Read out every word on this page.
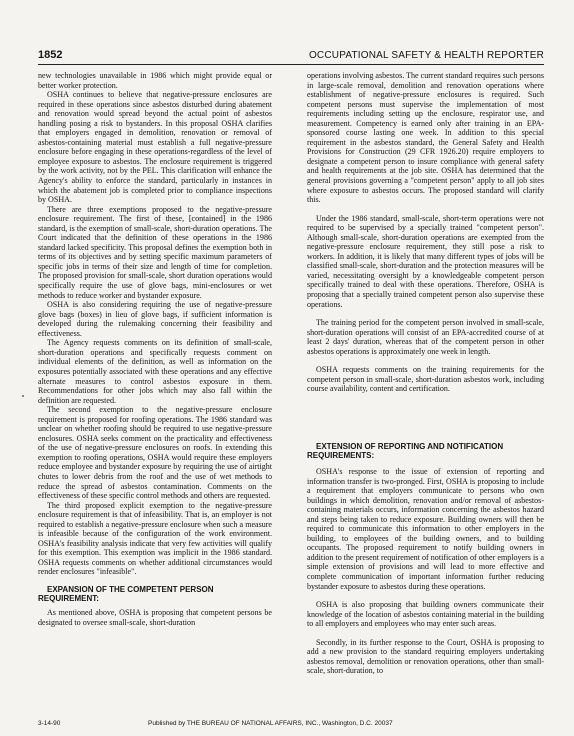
1852	OCCUPATIONAL SAFETY & HEALTH REPORTER

new technologies unavailable in 1986 which might provide equal or better worker protection.

OSHA continues to believe that negative-pressure enclosures are required in these operations since asbestos disturbed during abatement and renovation would spread beyond the actual point of asbestos handling posing a risk to bystanders. In this proposal OSHA clarifies that employers engaged in demolition, renovation or removal of asbestos-containing material must establish a full negative-pressure enclosure before engaging in these operations-regardless of the level of employee exposure to asbestos. The enclosure requirement is triggered by the work activity, not by the PEL. This clarification will enhance the Agency's ability to enforce the standard, particularly in instances in which the abatement job is completed prior to compliance inspections by OSHA.

There are three exemptions proposed to the negative-pressure enclosure requirement. The first of these, [contained] in the 1986 standard, is the exemption of small-scale, short-duration operations. The Court indicated that the definition of these operations in the 1986 standard lacked specificity. This proposal defines the exemption both in terms of its objectives and by setting specific maximum parameters of specific jobs in terms of their size and length of time for completion. The proposed provision for small-scale, short duration operations would specifically require the use of glove bags, mini-enclosures or wet methods to reduce worker and bystander exposure.

OSHA is also considering requiring the use of negative-pressure glove bags (boxes) in lieu of glove bags, if sufficient information is developed during the rulemaking concerning their feasibility and effectiveness.

The Agency requests comments on its definition of small-scale, short-duration operations and specifically requests comment on individual elements of the definition, as well as information on the exposures potentially associated with these operations and any effective alternate measures to control asbestos exposure in them. Recommendations for other jobs which may also fall within the definition are requested.

The second exemption to the negative-pressure enclosure requirement is proposed for roofing operations. The 1986 standard was unclear on whether roofing should be required to use negative-pressure enclosures. OSHA seeks comment on the practicality and effectiveness of the use of negative-pressure enclosures on roofs. In extending this exemption to roofing operations, OSHA would require these employers reduce employee and bystander exposure by requiring the use of airtight chutes to lower debris from the roof and the use of wet methods to reduce the spread of asbestos contamination. Comments on the effectiveness of these specific control methods and others are requested.

The third proposed explicit exemption to the negative-pressure enclosure requirement is that of infeasibility. That is, an employer is not required to establish a negative-pressure enclosure when such a measure is infeasible because of the configuration of the work environment. OSHA's feasibility analysis indicate that very few activities will qualify for this exemption. This exemption was implicit in the 1986 standard. OSHA requests comments on whether additional circumstances would render enclosures "infeasible".

EXPANSION OF THE COMPETENT PERSON REQUIREMENT:

As mentioned above, OSHA is proposing that competent persons be designated to oversee small-scale, short-duration

operations involving asbestos. The current standard requires such persons in large-scale removal, demolition and renovation operations where establishment of negative-pressure enclosures is required. Such competent persons must supervise the implementation of most requirements including setting up the enclosure, respirator use, and measurement. Competency is earned only after training in an EPA-sponsored course lasting one week. In addition to this special requirement in the asbestos standard, the General Safety and Health Provisions for Construction (29 CFR 1926.20) require employers to designate a competent person to insure compliance with general safety and health requirements at the job site. OSHA has determined that the general provisions governing a "competent person" apply to all job sites where exposure to asbestos occurs. The proposed standard will clarify this.

Under the 1986 standard, small-scale, short-term operations were not required to be supervised by a specially trained "competent person". Although small-scale, short-duration operations are exempted from the negative-pressure enclosure requirement, they still pose a risk to workers. In addition, it is likely that many different types of jobs will be classified small-scale, short-duration and the protection measures will be varied, necessitating oversight by a knowledgeable competent person specifically trained to deal with these operations. Therefore, OSHA is proposing that a specially trained competent person also supervise these operations.

The training period for the competent person involved in small-scale, short-duration operations will consist of an EPA-accredited course of at least 2 days' duration, whereas that of the competent person in other asbestos operations is approximately one week in length.

OSHA requests comments on the training requirements for the competent person in small-scale, short-duration asbestos work, including course availability, content and certification.

EXTENSION OF REPORTING AND NOTIFICATION REQUIREMENTS:

OSHA's response to the issue of extension of reporting and information transfer is two-pronged. First, OSHA is proposing to include a requirement that employers communicate to persons who own buildings in which demolition, renovation and/or removal of asbestos-containing materials occurs, information concerning the asbestos hazard and steps being taken to reduce exposure. Building owners will then be required to communicate this information to other employers in the building, to employees of the building owners, and to building occupants. The proposed requirement to notify building owners in addition to the present requirement of notification of other employers is a simple extension of provisions and will lead to more effective and complete communication of important information further reducing bystander exposure to asbestos during these operations.

OSHA is also proposing that building owners communicate their knowledge of the location of asbestos containing material in the building to all employers and employees who may enter such areas.

Secondly, in its further response to the Court, OSHA is proposing to add a new provision to the standard requiring employers undertaking asbestos removal, demolition or renovation operations, other than small-scale, short-duration, to

3-14-90	Published by THE BUREAU OF NATIONAL AFFAIRS, INC., Washington, D.C. 20037
